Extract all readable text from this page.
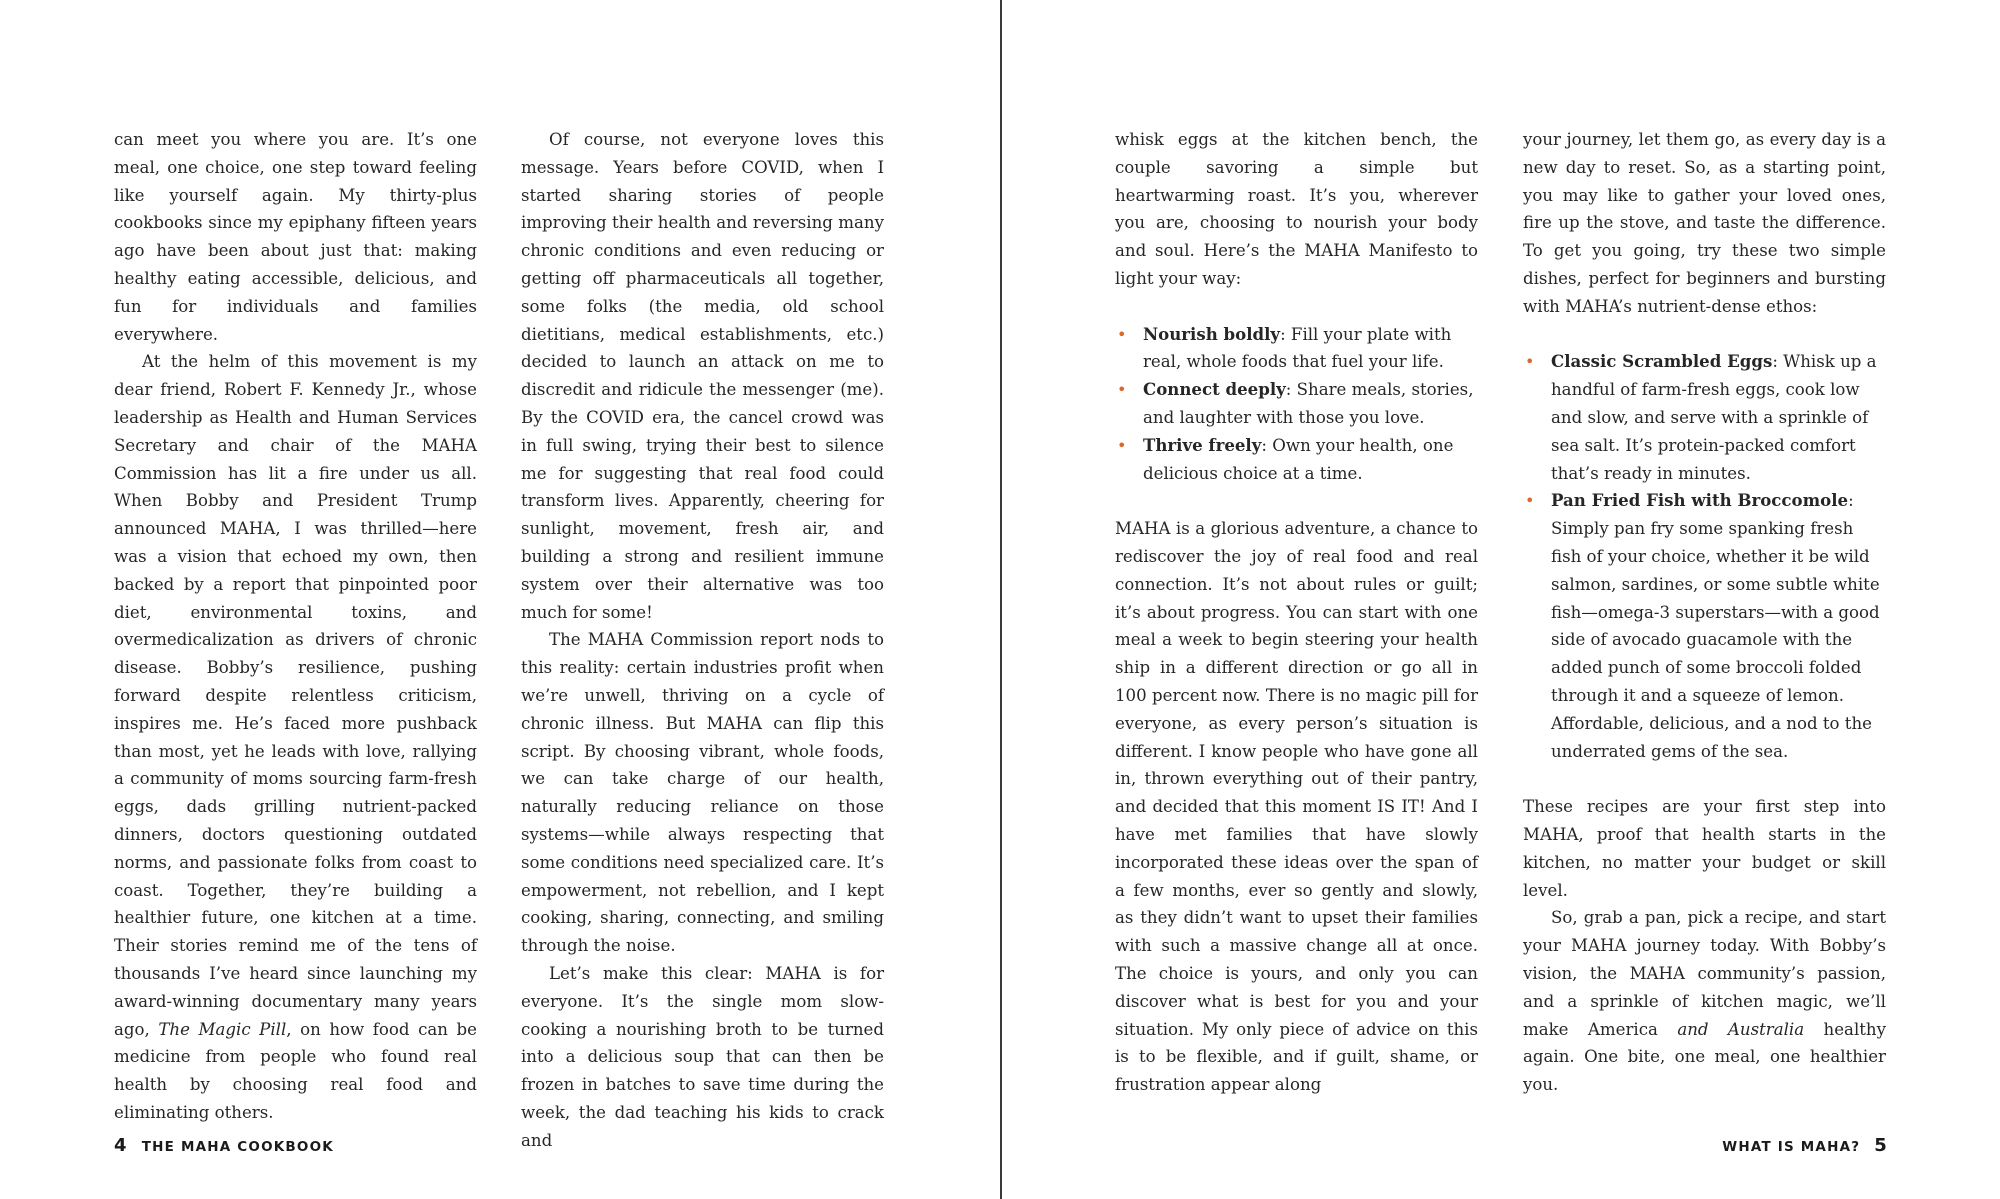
can meet you where you are. It’s one meal, one choice, one step toward feeling like yourself again. My thirty-plus cookbooks since my epiphany fifteen years ago have been about just that: making healthy eating accessible, delicious, and fun for individuals and families everywhere.

At the helm of this movement is my dear friend, Robert F. Kennedy Jr., whose leadership as Health and Human Services Secretary and chair of the MAHA Commission has lit a fire under us all. When Bobby and President Trump announced MAHA, I was thrilled—here was a vision that echoed my own, then backed by a report that pinpointed poor diet, environmental toxins, and overmedicalization as drivers of chronic disease. Bobby’s resilience, pushing forward despite relentless criticism, inspires me. He’s faced more pushback than most, yet he leads with love, rallying a community of moms sourcing farm-fresh eggs, dads grilling nutrient-packed dinners, doctors questioning outdated norms, and passionate folks from coast to coast. Together, they’re building a healthier future, one kitchen at a time. Their stories remind me of the tens of thousands I’ve heard since launching my award-winning documentary many years ago, The Magic Pill, on how food can be medicine from people who found real health by choosing real food and eliminating others.

Of course, not everyone loves this message. Years before COVID, when I started sharing stories of people improving their health and reversing many chronic conditions and even reducing or getting off pharmaceuticals all together, some folks (the media, old school dietitians, medical establishments, etc.) decided to launch an attack on me to discredit and ridicule the messenger (me). By the COVID era, the cancel crowd was in full swing, trying their best to silence me for suggesting that real food could transform lives. Apparently, cheering for sunlight, movement, fresh air, and building a strong and resilient immune system over their alternative was too much for some!

The MAHA Commission report nods to this reality: certain industries profit when we’re unwell, thriving on a cycle of chronic illness. But MAHA can flip this script. By choosing vibrant, whole foods, we can take charge of our health, naturally reducing reliance on those systems—while always respecting that some conditions need specialized care. It’s empowerment, not rebellion, and I kept cooking, sharing, connecting, and smiling through the noise.

Let’s make this clear: MAHA is for everyone. It’s the single mom slow-cooking a nourishing broth to be turned into a delicious soup that can then be frozen in batches to save time during the week, the dad teaching his kids to crack and

4 THE MAHA COOKBOOK

whisk eggs at the kitchen bench, the couple savoring a simple but heartwarming roast. It’s you, wherever you are, choosing to nourish your body and soul. Here’s the MAHA Manifesto to light your way:

• Nourish boldly: Fill your plate with real, whole foods that fuel your life.
• Connect deeply: Share meals, stories, and laughter with those you love.
• Thrive freely: Own your health, one delicious choice at a time.

MAHA is a glorious adventure, a chance to rediscover the joy of real food and real connection. It’s not about rules or guilt; it’s about progress. You can start with one meal a week to begin steering your health ship in a different direction or go all in 100 percent now. There is no magic pill for everyone, as every person’s situation is different. I know people who have gone all in, thrown everything out of their pantry, and decided that this moment IS IT! And I have met families that have slowly incorporated these ideas over the span of a few months, ever so gently and slowly, as they didn’t want to upset their families with such a massive change all at once. The choice is yours, and only you can discover what is best for you and your situation. My only piece of advice on this is to be flexible, and if guilt, shame, or frustration appear along

your journey, let them go, as every day is a new day to reset. So, as a starting point, you may like to gather your loved ones, fire up the stove, and taste the difference. To get you going, try these two simple dishes, perfect for beginners and bursting with MAHA’s nutrient-dense ethos:

• Classic Scrambled Eggs: Whisk up a handful of farm-fresh eggs, cook low and slow, and serve with a sprinkle of sea salt. It’s protein-packed comfort that’s ready in minutes.
• Pan Fried Fish with Broccomole: Simply pan fry some spanking fresh fish of your choice, whether it be wild salmon, sardines, or some subtle white fish—omega-3 superstars—with a good side of avocado guacamole with the added punch of some broccoli folded through it and a squeeze of lemon. Affordable, delicious, and a nod to the underrated gems of the sea.

These recipes are your first step into MAHA, proof that health starts in the kitchen, no matter your budget or skill level.

So, grab a pan, pick a recipe, and start your MAHA journey today. With Bobby’s vision, the MAHA community’s passion, and a sprinkle of kitchen magic, we’ll make America and Australia healthy again. One bite, one meal, one healthier you.

WHAT IS MAHA? 5
